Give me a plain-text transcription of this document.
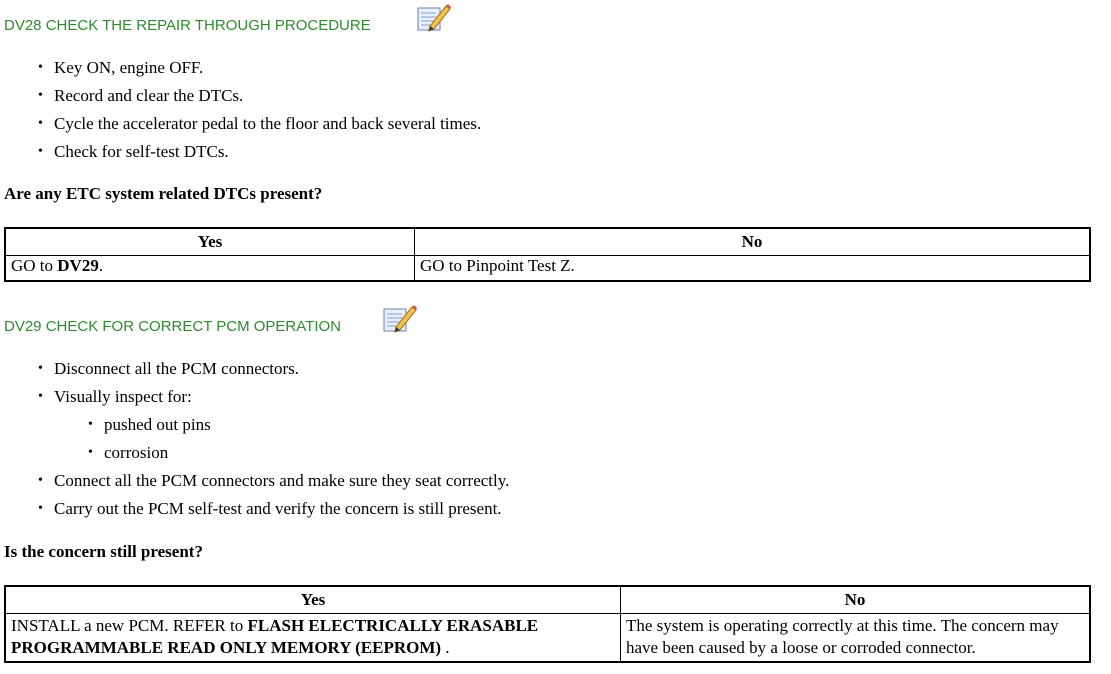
DV28 CHECK THE REPAIR THROUGH PROCEDURE
• Key ON, engine OFF.
• Record and clear the DTCs.
• Cycle the accelerator pedal to the floor and back several times.
• Check for self-test DTCs.
Are any ETC system related DTCs present?
Yes	No
GO to DV29.	GO to Pinpoint Test Z.
DV29 CHECK FOR CORRECT PCM OPERATION
• Disconnect all the PCM connectors.
• Visually inspect for:
• pushed out pins
• corrosion
• Connect all the PCM connectors and make sure they seat correctly.
• Carry out the PCM self-test and verify the concern is still present.
Is the concern still present?
Yes	No
INSTALL a new PCM. REFER to FLASH ELECTRICALLY ERASABLE PROGRAMMABLE READ ONLY MEMORY (EEPROM) .	The system is operating correctly at this time. The concern may have been caused by a loose or corroded connector.
